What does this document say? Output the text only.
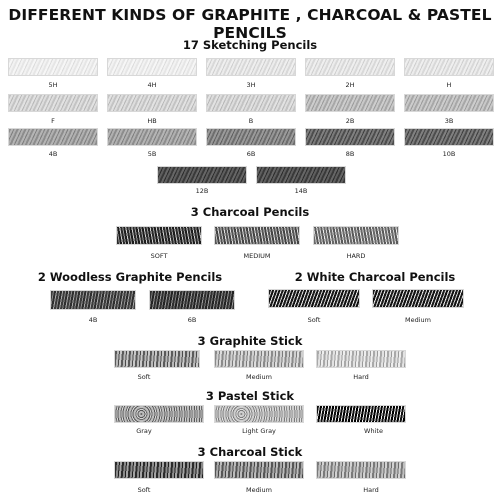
DIFFERENT KINDS OF GRAPHITE , CHARCOAL & PASTEL PENCILS
17 Sketching Pencils
5H	4H	3H	2H	H
F	HB	B	2B	3B
4B	5B	6B	8B	10B
12B	14B
3 Charcoal Pencils
SOFT	MEDIUM	HARD
2 Woodless Graphite Pencils	2 White Charcoal Pencils
4B	6B	Soft	Medium
3 Graphite Stick
Soft	Medium	Hard
3 Pastel Stick
Gray	Light Gray	White
3 Charcoal Stick
Soft	Medium	Hard
